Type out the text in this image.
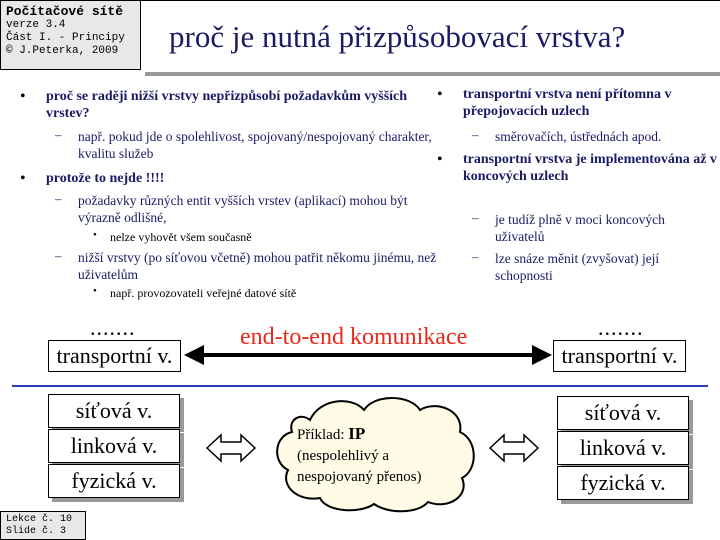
Počítačové sítě
verze 3.4
Část I. - Principy
© J.Peterka, 2009	proč je nutná přizpůsobovací vrstva?
• proč se raději nižší vrstvy nepřizpůsobí požadavkům vyšších vrstev?
– např. pokud jde o spolehlivost, spojovaný/nespojovaný charakter, kvalitu služeb
• protože to nejde !!!!
– požadavky různých entit vyšších vrstev (aplikací) mohou být výrazně odlišné,
• nelze vyhovět všem současně
– nižší vrstvy (po síťovou včetně) mohou patřit někomu jinému, než uživatelům
• např. provozovateli veřejné datové sítě
• transportní vrstva není přítomna v přepojovacích uzlech
– směrovačích, ústřednách apod.
• transportní vrstva je implementována až v koncových uzlech
– je tudíž plně v moci koncových uživatelů
– lze snáze měnit (zvyšovat) její schopnosti
.......
transportní v.
.......
transportní v.
end-to-end komunikace
síťová v.
linková v.
fyzická v.
síťová v.
linková v.
fyzická v.
Příklad: IP
(nespolehlivý a
nespojovaný přenos)
Lekce č. 10
Slide č. 3
